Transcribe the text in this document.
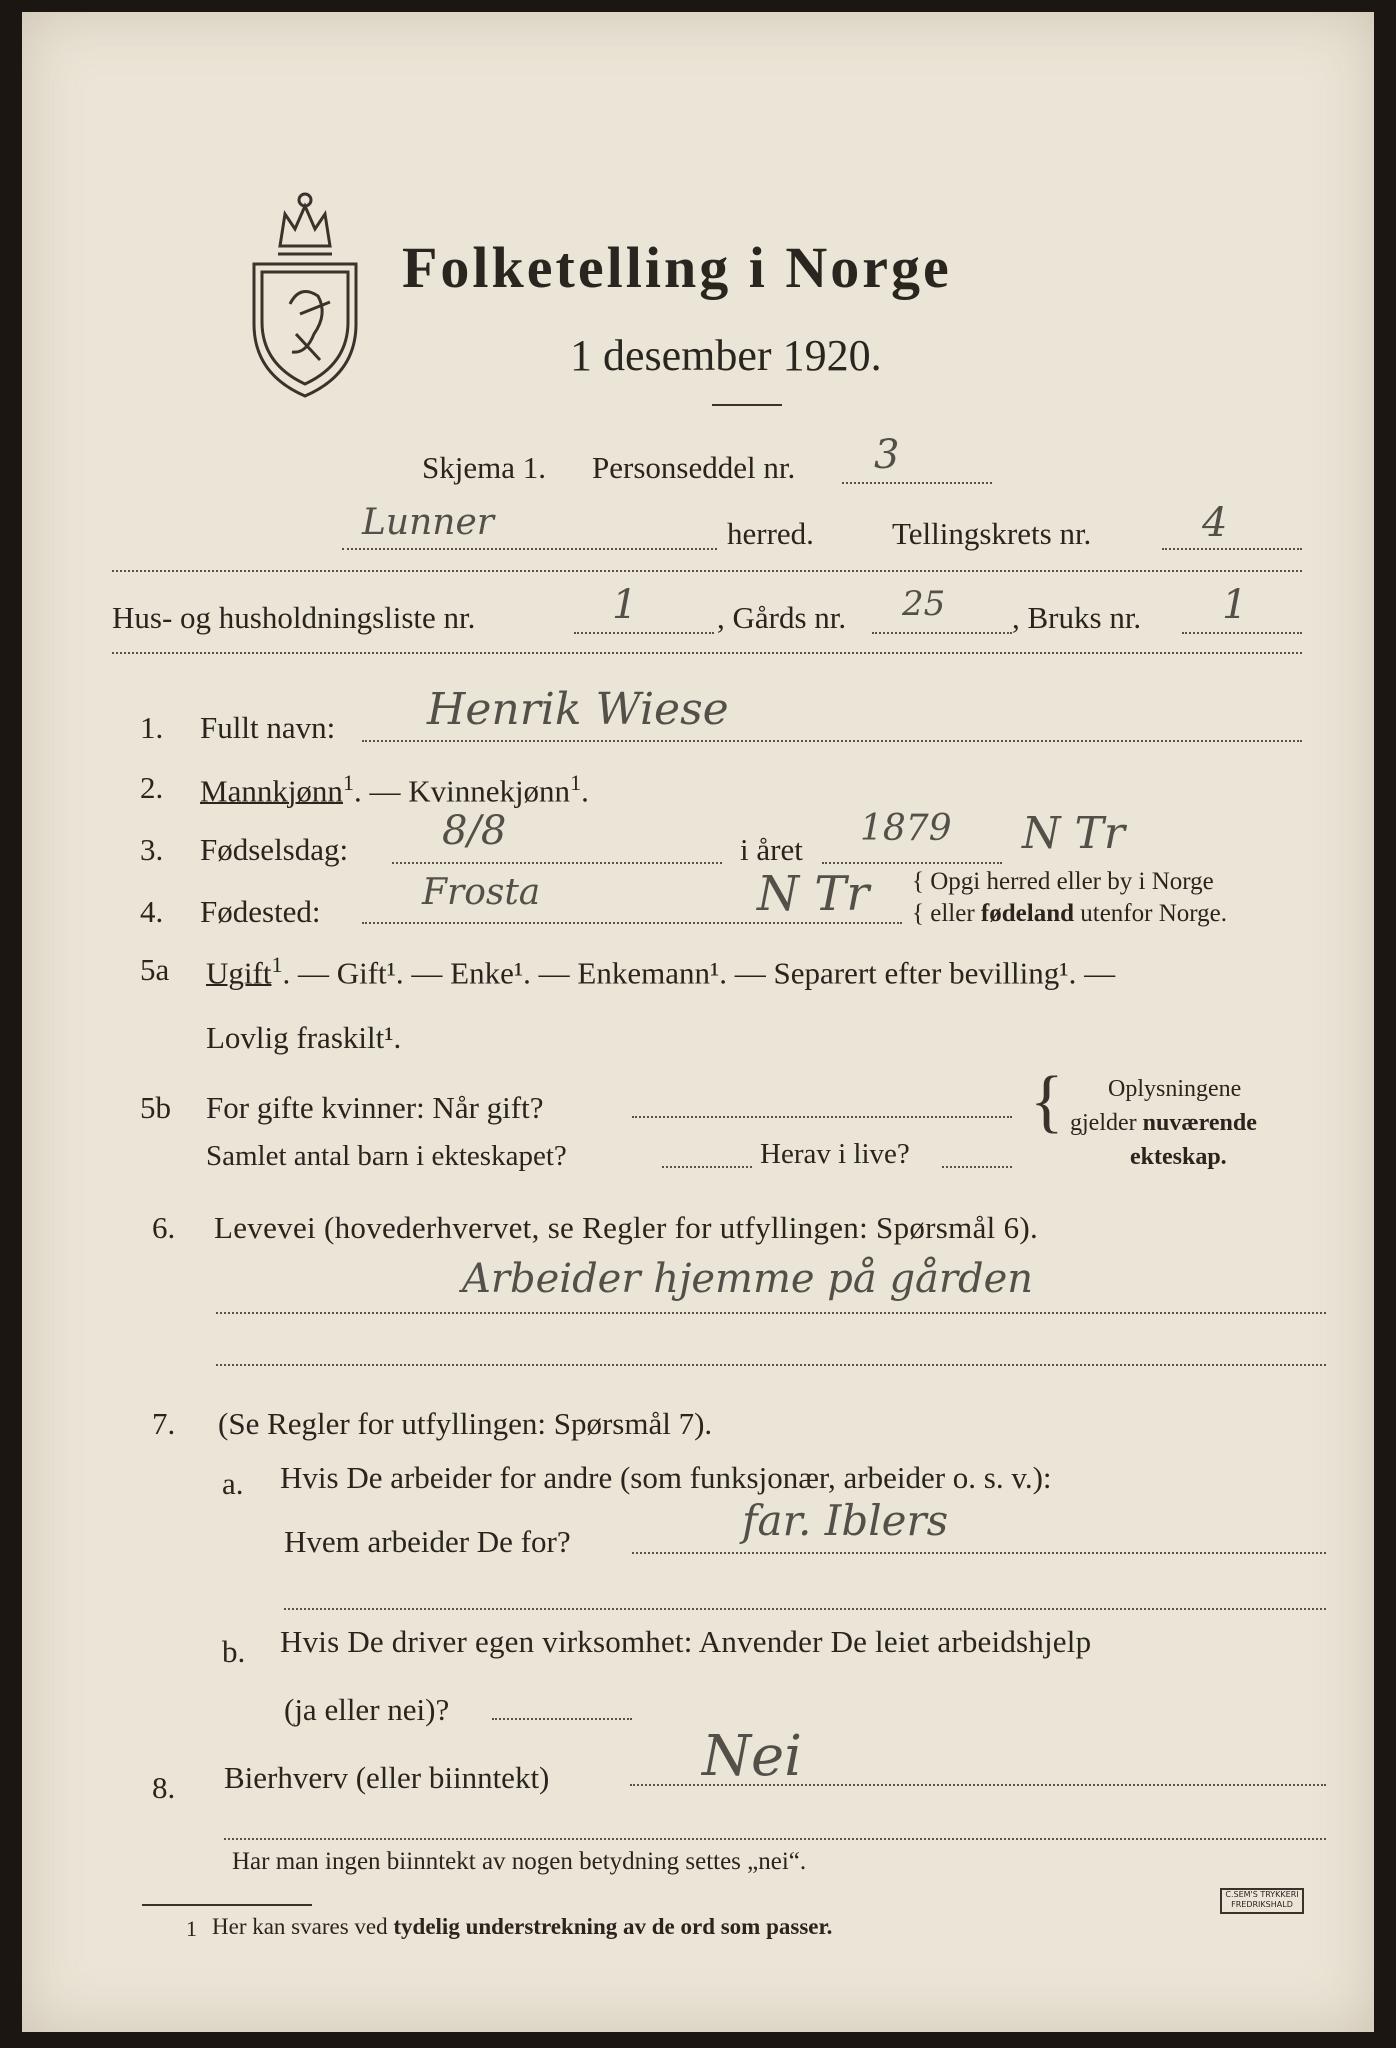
Folketelling i Norge
1 desember 1920.
Skjema 1. Personseddel nr. 3
Lunner	herred.	Tellingskrets nr.	4
Hus- og husholdningsliste nr.	1	, Gårds nr. 25 , Bruks nr. 1
1. Fullt navn: Henrik Wiese
2. Mannkjønn$^1$. — Kvinnekjønn$^1$.
3. Fødselsdag: 8/8	i året
1879 N Tr
4. Fødested:	Frosta	N Tr { Opgi herred eller by i Norge
{ eller fødeland utenfor Norge.
5a Ugift$^1$. — Gift¹. — Enke¹. — Enkemann¹. — Separert efter bevilling¹. —
Lovlig fraskilt¹.
5b For gifte kvinner: Når gift?
Samlet antal barn i ekteskapet?	Herav i live?
{ Oplysningene
gjelder nuværende
ekteskap.
6. Levevei (hovederhvervet, se Regler for utfyllingen: Spørsmål 6).
Arbeider hjemme på gården
7. (Se Regler for utfyllingen: Spørsmål 7).
a. Hvis De arbeider for andre (som funksjonær, arbeider o. s. v.):
Hvem arbeider De for?	far. Iblers
b. Hvis De driver egen virksomhet: Anvender De leiet arbeidshjelp
(ja eller nei)?
8. Bierhverv (eller biinntekt)	Nei
Har man ingen biinntekt av nogen betydning settes „nei“.
1 Her kan svares ved tydelig understrekning av de ord som passer.
C.SEM'S TRYKKERI
FREDRIKSHALD
